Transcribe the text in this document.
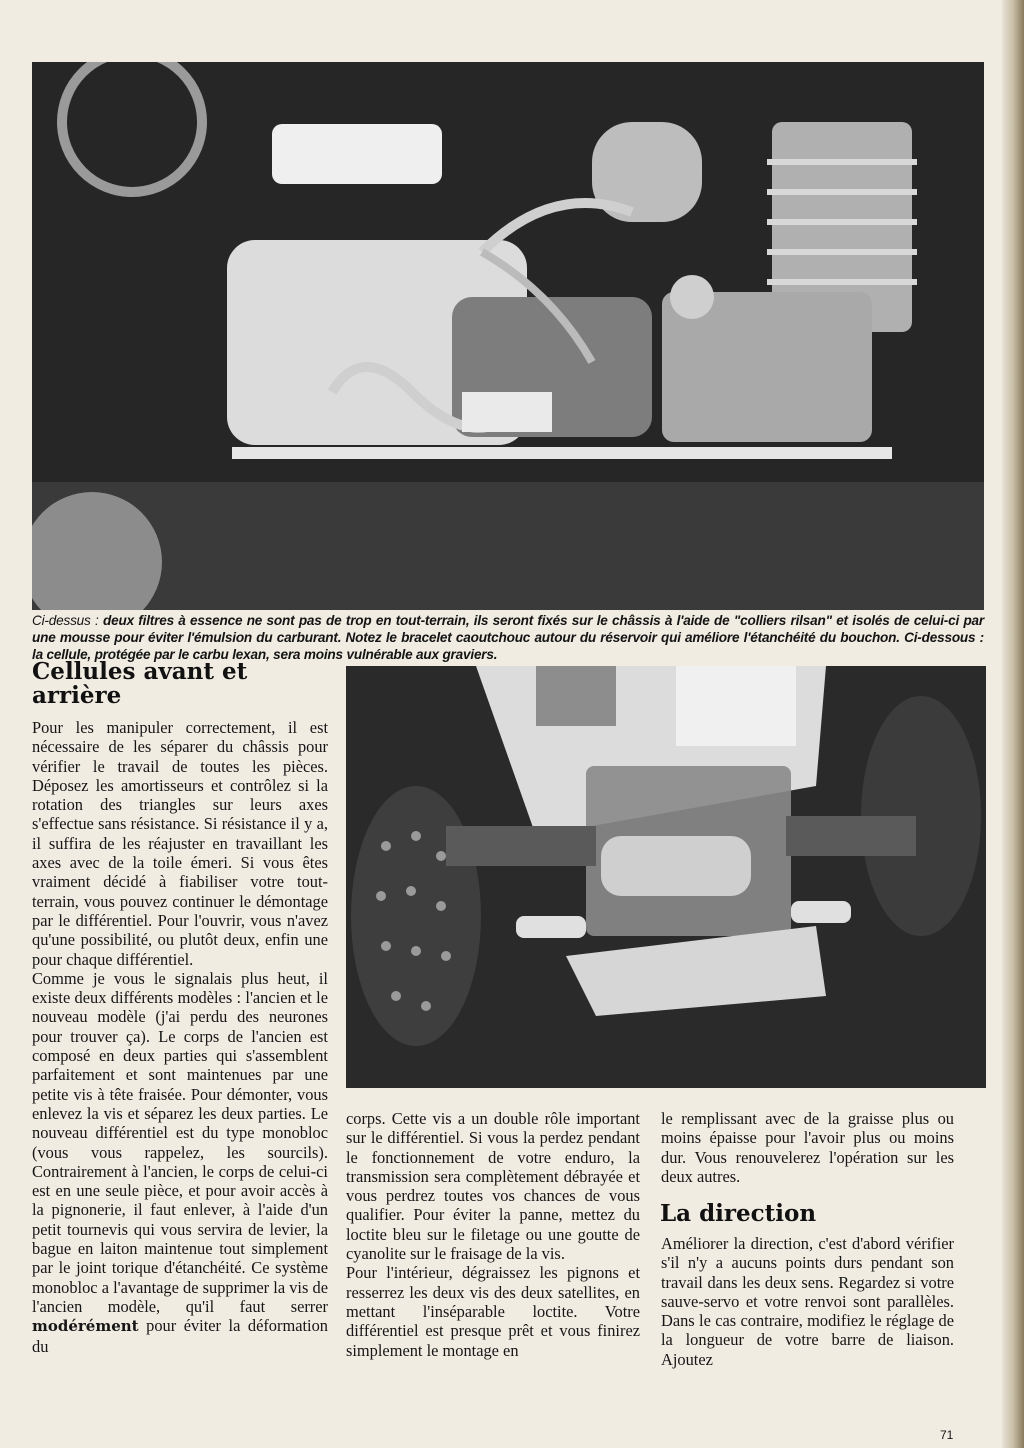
Ci-dessus : deux filtres à essence ne sont pas de trop en tout-terrain, ils seront fixés sur le châssis à l'aide de "colliers rilsan" et isolés de celui-ci par une mousse pour éviter l'émulsion du carburant. Notez le bracelet caoutchouc autour du réservoir qui améliore l'étanchéité du bouchon. Ci-dessous : la cellule, protégée par le carbu lexan, sera moins vulnérable aux graviers.
Cellules avant et arrière

Pour les manipuler correctement, il est nécessaire de les séparer du châssis pour vérifier le travail de toutes les pièces. Déposez les amortisseurs et contrôlez si la rotation des triangles sur leurs axes s'effectue sans résistance. Si résistance il y a, il suffira de les réajuster en travaillant les axes avec de la toile émeri. Si vous êtes vraiment décidé à fiabiliser votre tout-terrain, vous pouvez continuer le démontage par le différentiel. Pour l'ouvrir, vous n'avez qu'une possibilité, ou plutôt deux, enfin une pour chaque différentiel.

Comme je vous le signalais plus heut, il existe deux différents modèles : l'ancien et le nouveau modèle (j'ai perdu des neurones pour trouver ça). Le corps de l'ancien est composé en deux parties qui s'assemblent parfaitement et sont maintenues par une petite vis à tête fraisée. Pour démonter, vous enlevez la vis et séparez les deux parties. Le nouveau différentiel est du type monobloc (vous vous rappelez, les sourcils). Contrairement à l'ancien, le corps de celui-ci est en une seule pièce, et pour avoir accès à la pignonerie, il faut enlever, à l'aide d'un petit tournevis qui vous servira de levier, la bague en laiton maintenue tout simplement par le joint torique d'étanchéité. Ce système monobloc a l'avantage de supprimer la vis de l'ancien modèle, qu'il faut serrer modérément pour éviter la déformation du

corps. Cette vis a un double rôle important sur le différentiel. Si vous la perdez pendant le fonctionnement de votre enduro, la transmission sera complètement débrayée et vous perdrez toutes vos chances de vous qualifier. Pour éviter la panne, mettez du loctite bleu sur le filetage ou une goutte de cyanolite sur le fraisage de la vis.

Pour l'intérieur, dégraissez les pignons et resserrez les deux vis des deux satellites, en mettant l'inséparable loctite. Votre différentiel est presque prêt et vous finirez simplement le montage en

le remplissant avec de la graisse plus ou moins épaisse pour l'avoir plus ou moins dur. Vous renouvelerez l'opération sur les deux autres.

La direction

Améliorer la direction, c'est d'abord vérifier s'il n'y a aucuns points durs pendant son travail dans les deux sens. Regardez si votre sauve-servo et votre renvoi sont parallèles. Dans le cas contraire, modifiez le réglage de la longueur de votre barre de liaison. Ajoutez

71
